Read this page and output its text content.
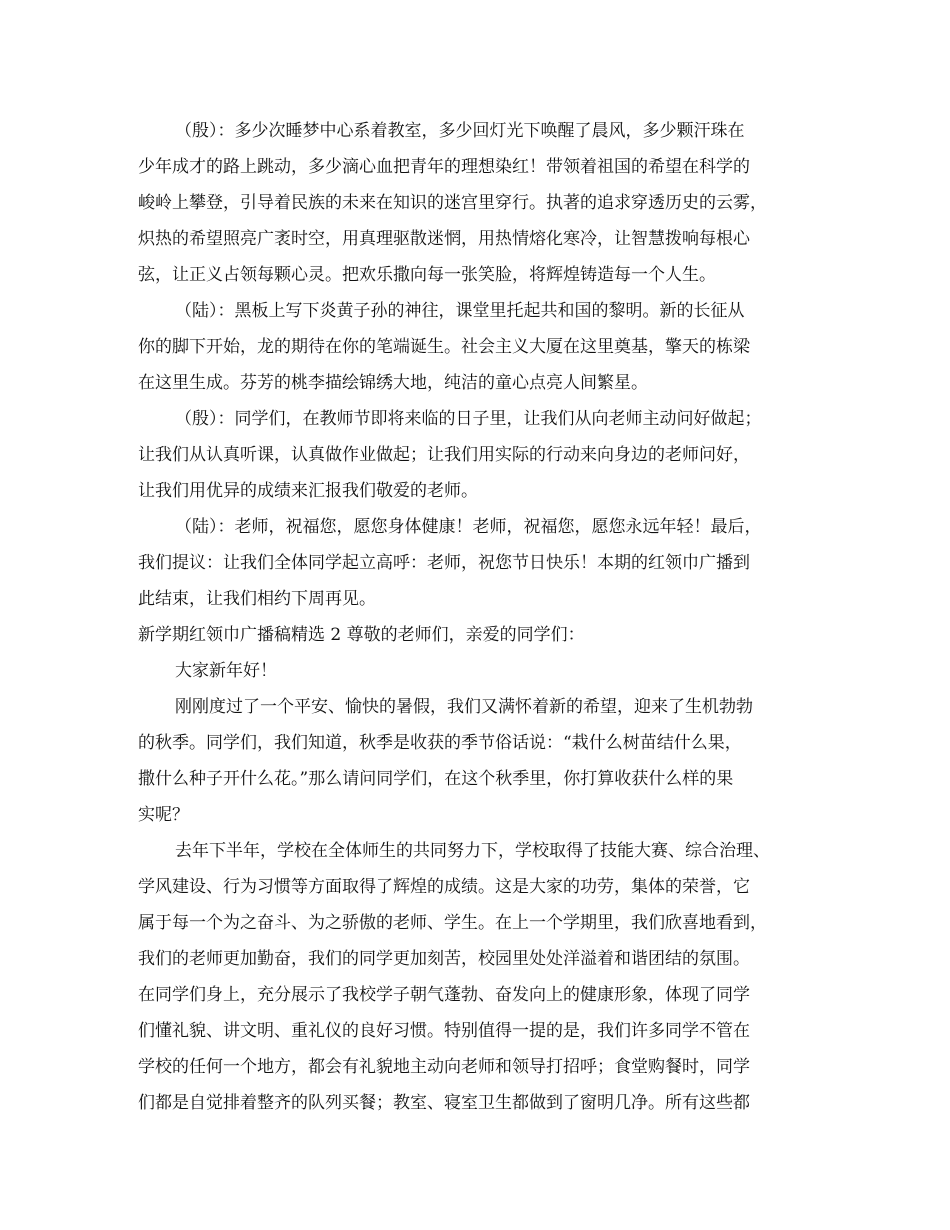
（殷）：多少次睡梦中心系着教室，多少回灯光下唤醒了晨风，多少颗汗珠在
少年成才的路上跳动，多少滴心血把青年的理想染红！带领着祖国的希望在科学的
峻岭上攀登，引导着民族的未来在知识的迷宫里穿行。执著的追求穿透历史的云雾，
炽热的希望照亮广袤时空，用真理驱散迷惘，用热情熔化寒冷，让智慧拨响每根心
弦，让正义占领每颗心灵。把欢乐撒向每一张笑脸，将辉煌铸造每一个人生。
（陆）：黑板上写下炎黄子孙的神往，课堂里托起共和国的黎明。新的长征从
你的脚下开始，龙的期待在你的笔端诞生。社会主义大厦在这里奠基，擎天的栋梁
在这里生成。芬芳的桃李描绘锦绣大地，纯洁的童心点亮人间繁星。
（殷）：同学们，在教师节即将来临的日子里，让我们从向老师主动问好做起；
让我们从认真听课，认真做作业做起；让我们用实际的行动来向身边的老师问好，
让我们用优异的成绩来汇报我们敬爱的老师。
（陆）：老师，祝福您，愿您身体健康！老师，祝福您，愿您永远年轻！最后，
我们提议：让我们全体同学起立高呼：老师，祝您节日快乐！本期的红领巾广播到
此结束，让我们相约下周再见。
新学期红领巾广播稿精选 2 尊敬的老师们，亲爱的同学们：
大家新年好！
刚刚度过了一个平安、愉快的暑假，我们又满怀着新的希望，迎来了生机勃勃
的秋季。同学们，我们知道，秋季是收获的季节俗话说：“栽什么树苗结什么果，
撒什么种子开什么花。”那么请问同学们，在这个秋季里，你打算收获什么样的果
实呢？
去年下半年，学校在全体师生的共同努力下，学校取得了技能大赛、综合治理、
学风建设、行为习惯等方面取得了辉煌的成绩。这是大家的功劳，集体的荣誉，它
属于每一个为之奋斗、为之骄傲的老师、学生。在上一个学期里，我们欣喜地看到，
我们的老师更加勤奋，我们的同学更加刻苦，校园里处处洋溢着和谐团结的氛围。
在同学们身上，充分展示了我校学子朝气蓬勃、奋发向上的健康形象，体现了同学
们懂礼貌、讲文明、重礼仪的良好习惯。特别值得一提的是，我们许多同学不管在
学校的任何一个地方，都会有礼貌地主动向老师和领导打招呼；食堂购餐时，同学
们都是自觉排着整齐的队列买餐；教室、寝室卫生都做到了窗明几净。所有这些都
